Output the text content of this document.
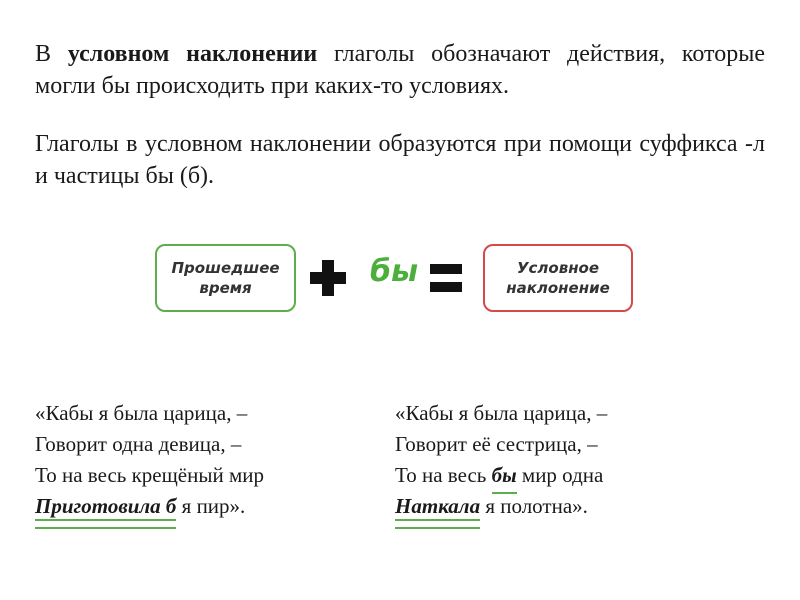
В условном наклонении глаголы обозначают действия, которые могли бы происходить при каких-то условиях.

Глаголы в условном наклонении образуются при помощи суффикса -л и частицы бы (б).

Прошедшее
время	бы	Условное
наклонение
«Кабы я была царица, –
Говорит одна девица, –
То на весь крещёный мир
Приготовила б я пир».
«Кабы я была царица, –
Говорит её сестрица, –
То на весь бы мир одна
Наткала я полотна».
